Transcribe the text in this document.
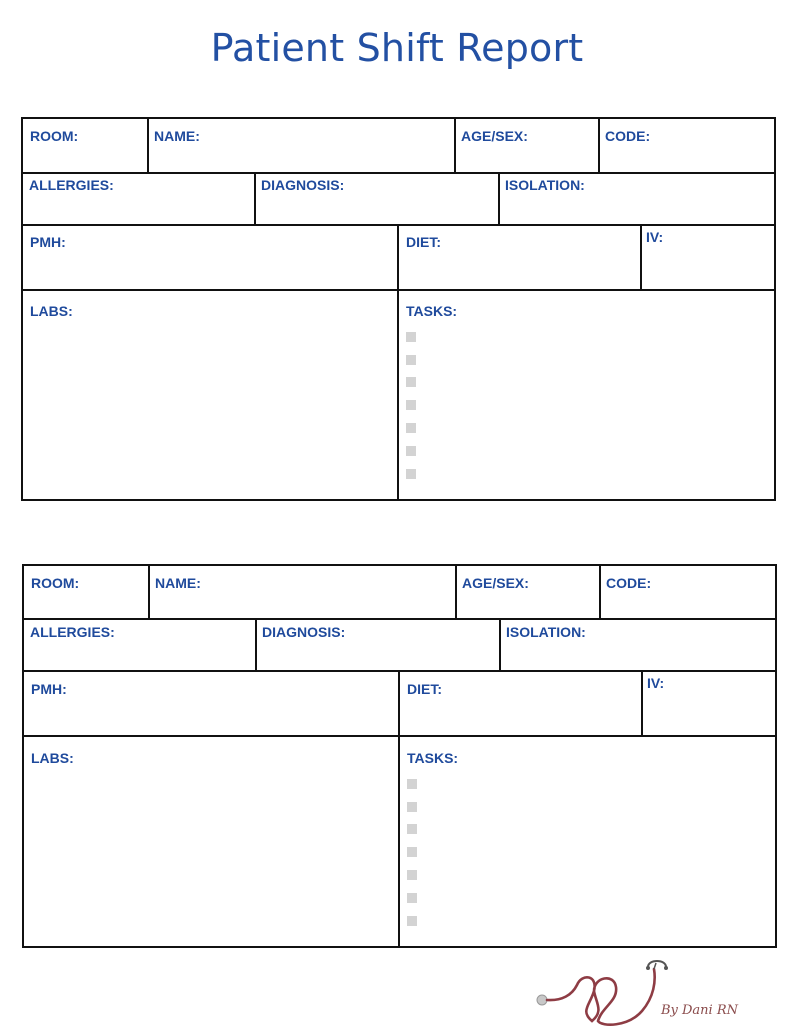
Patient Shift Report
ROOM:	NAME:	AGE/SEX:	CODE:
ALLERGIES:	DIAGNOSIS:	ISOLATION:
PMH:	DIET:	IV:
LABS:	TASKS:
ROOM:	NAME:	AGE/SEX:	CODE:
ALLERGIES:	DIAGNOSIS:	ISOLATION:
PMH:	DIET:	IV:
LABS:	TASKS:
By Dani RN
